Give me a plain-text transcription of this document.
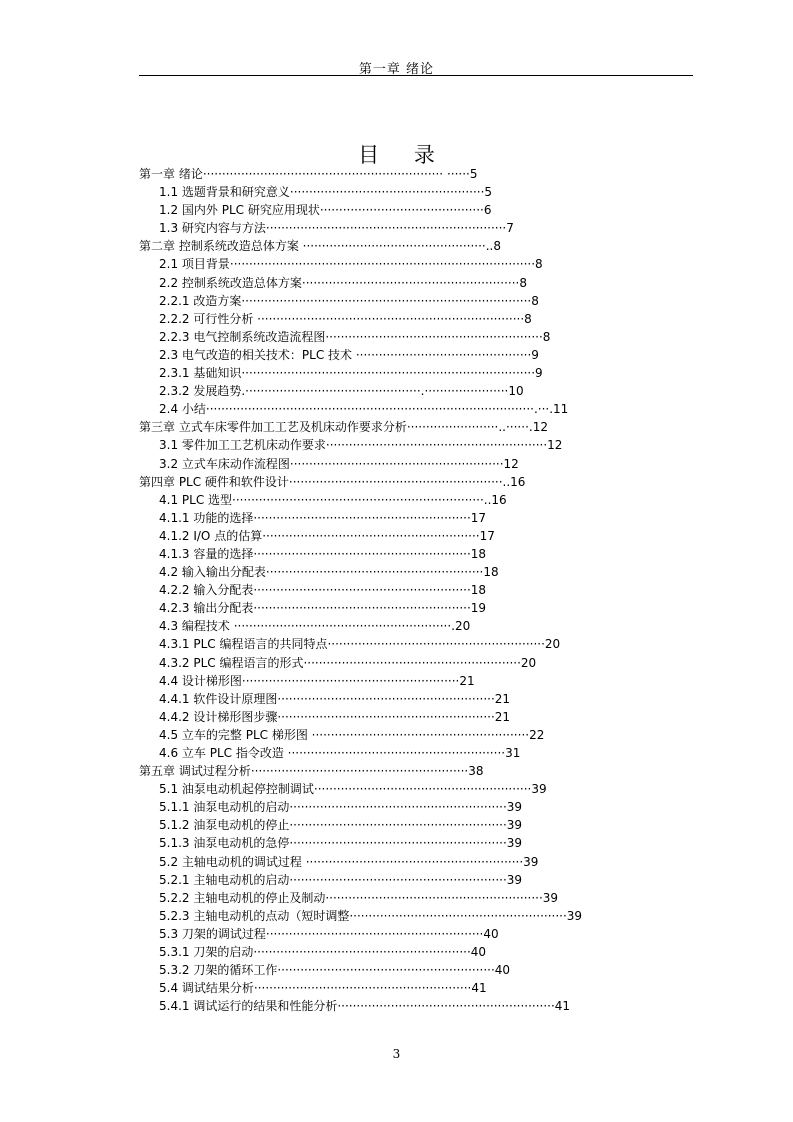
第一章 绪论
目 录
第一章 绪论······························································· ······5
1.1 选题背景和研究意义···················································5
1.2 国内外 PLC 研究应用现状···········································6
1.3 研究内容与方法·······························································7
第二章 控制系统改造总体方案 ················································..8
2.1 项目背景················································································8
2.2 控制系统改造总体方案·························································8
2.2.1 改造方案············································································8
2.2.2 可行性分析 ······································································8
2.2.3 电气控制系统改造流程图·························································8
2.3 电气改造的相关技术：PLC 技术 ··············································9
2.3.1 基础知识·············································································9
2.3.2 发展趋势.··············································.······················10
2.4 小结······················································································.···.11
第三章 立式车床零件加工工艺及机床动作要求分析························..······.12
3.1 零件加工工艺机床动作要求··························································12
3.2 立式车床动作流程图························································12
第四章 PLC 硬件和软件设计························································..16
4.1 PLC 选型··································································..16
4.1.1 功能的选择·························································17
4.1.2 I/O 点的估算·························································17
4.1.3 容量的选择·························································18
4.2 输入输出分配表·························································18
4.2.2 输入分配表·························································18
4.2.3 输出分配表·························································19
4.3 编程技术 ·························································.20
4.3.1 PLC 编程语言的共同特点·························································20
4.3.2 PLC 编程语言的形式·························································20
4.4 设计梯形图·························································21
4.4.1 软件设计原理图·························································21
4.4.2 设计梯形图步骤·························································21
4.5 立车的完整 PLC 梯形图 ·························································22
4.6 立车 PLC 指令改造 ·························································31
第五章 调试过程分析·························································38
5.1 油泵电动机起停控制调试·························································39
5.1.1 油泵电动机的启动·························································39
5.1.2 油泵电动机的停止·························································39
5.1.3 油泵电动机的急停·························································39
5.2 主轴电动机的调试过程 ·························································39
5.2.1 主轴电动机的启动·························································39
5.2.2 主轴电动机的停止及制动·························································39
5.2.3 主轴电动机的点动（短时调整·························································39
5.3 刀架的调试过程·························································40
5.3.1 刀架的启动·························································40
5.3.2 刀架的循环工作·························································40
5.4 调试结果分析·························································41
5.4.1 调试运行的结果和性能分析·························································41
3
